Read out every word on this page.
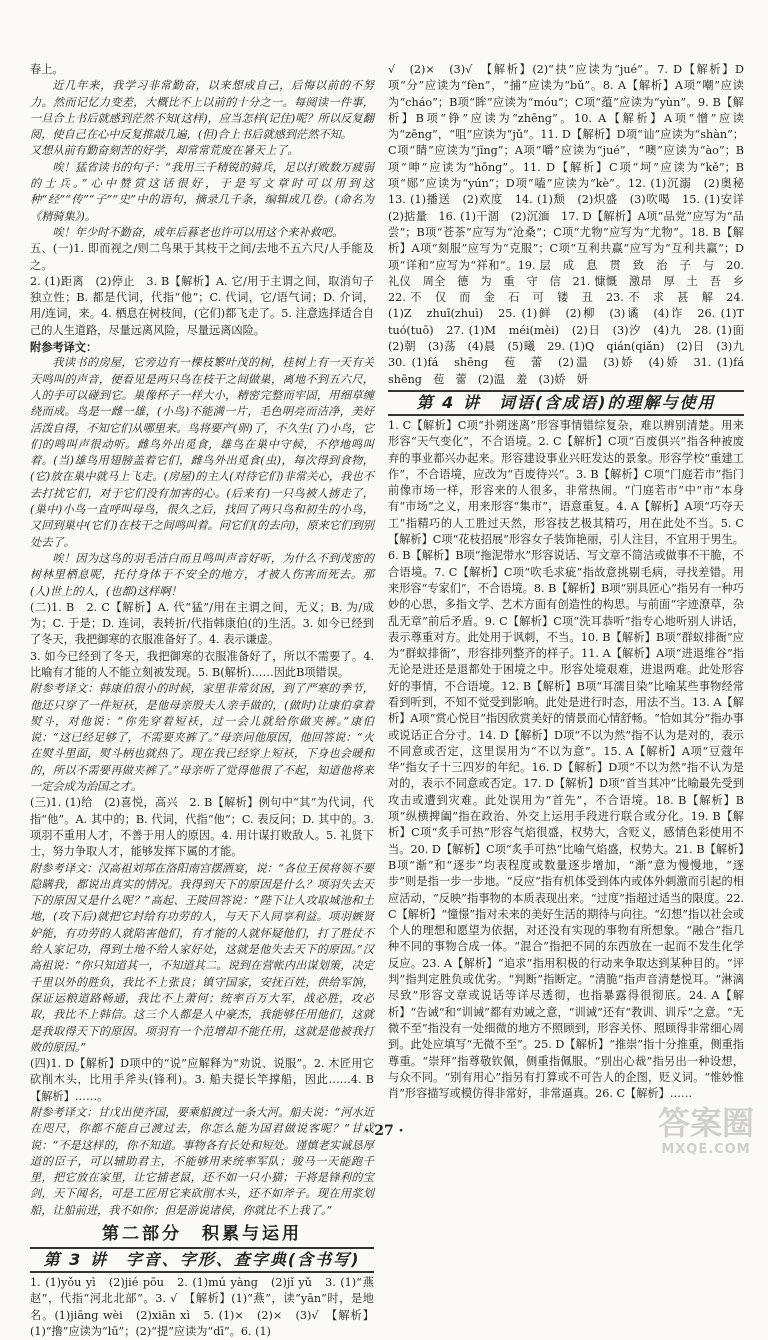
春上。

近几年来，我学习非常勤奋，以来想成自己，后悔以前的不努力。然而记忆力变差，大概比不上以前的十分之一。每阅读一件事，一旦合上书后就感到茫然不知(这样)，应当怎样(记住)呢？所以反复翻阅，使自己在心中反复推敲几遍，(但)合上书后就感到茫然不知。

又想从前有勤奋刻苦的好学，却常常荒废在暑天上了。

唉！猛省读书的句子：“我用三千精锐的骑兵，足以打败数万疲弱的士兵。”心中赞赏这话很好，于是写文章时可以用到这种“经”“传”“子”“史”中的语句，摘录几千条，编辑成几卷。(命名为《精骑集》)。

唉！年少时不勤奋，成年后暮老也许可以用这个来补救吧。

五、(一)1. 即而视之/则二鸟果于其枝干之间/去地不五六尺/人手能及之。

2. (1)距离　(2)停止　3. B【解析】A. 它/用于主谓之间，取消句子独立性；B. 都是代词，代指“他”；C. 代词，它/语气词；D. 介词，用/连词，来。4. 栖息在树枝间，(它们)都飞走了。5. 注意选择适合自己的人生道路，尽量远离风险，尽量远离凶险。

附参考译文：

我读书的房屋，它旁边有一棵枝繁叶茂的树，桂树上有一天有关天鸣叫的声音，便看见是两只鸟在枝干之间做巢，离地不到五六尺，人的手可以碰到它。巢像杯子一样大小，精密完整而牢固，用细草缠绕而成。鸟是一雌一雄，(小鸟)不能满一片，毛色明亮而洁净，美好活泼自得，不知它们从哪里来。鸟将要产(卵)了，不久生(了)小鸟，它们的鸣叫声很动听。雌鸟外出觅食，雄鸟在巢中守候，不停地鸣叫着。(当)雄鸟用翅膀盖着它们，雌鸟外出觅食(虫)，每次得到食物，(它)放在巢中就马上飞走。(房屋)的主人(对待它们)非常关心，我也不去打扰它们，对于它们没有加害的心。(后来有)一只鸟被人掳走了，(巢中)小鸟一直呼叫母鸟，很久之后，找回了两只鸟和初生的小鸟，又回到巢中(它们)在枝干之间鸣叫着。问它们(的去向)，原来它们到别处去了。

唉！因为这鸟的羽毛洁白而且鸣叫声音好听，为什么不到茂密的树林里栖息呢，托付身体于不安全的地方，才被人伤害而死去。那(人)世上的人，(也都)这样啊！

(二)1. B　2. C【解析】A. 代“猛”/用在主谓之间，无义；B. 为/成为；C. 于是；D. 连词，表转折/代指韩康伯(的)生活。3. 如今已经到了冬天，我把御寒的衣服准备好了。4. 表示谦虚。

3. 如今已经到了冬天，我把御寒的衣服准备好了，所以不需要了。4. 比喻有才能的人不能立刻被发现。5. B(解析)……因此B项错误。

附参考译文：韩康伯很小的时候，家里非常贫困，到了严寒的季节，他还只穿了一件短袄，是他母亲殷夫人亲手做的，(做时)让康伯拿着熨斗，对他说：“你先穿着短袄，过一会儿就给你做夹裤。”康伯说：“这已经足够了，不需要夹裤了。”母亲问他原因，他回答说：“火在熨斗里面，熨斗柄也就热了。现在我已经穿上短袄，下身也会暖和的，所以不需要再做夹裤了。”母亲听了觉得他很了不起，知道他将来一定会成为治国之才。

(三)1. (1)给　(2)喜悦，高兴　2. B【解析】例句中“其”为代词，代指“他”。A. 其中的；B. 代词，代指“他”；C. 表反问；D. 其中的。3. 项羽不重用人才，不善于用人的原因。4. 用计谋打败敌人。5. 礼贤下士，努力争取人才，能够发挥下属的才能。

附参考译文：汉高祖刘邦在洛阳南宫摆酒宴，说：“各位王侯将领不要隐瞒我，都说出真实的情况。我得到天下的原因是什么？项羽失去天下的原因又是什么呢？”高起、王陵回答说：“陛下让人攻取城池和土地，(攻下后)就把它封给有功劳的人，与天下人同享利益。项羽嫉贤妒能，有功劳的人就陷害他们，有才能的人就怀疑他们，打了胜仗不给人家记功，得到土地不给人家好处，这就是他失去天下的原因。”汉高祖说：“你只知道其一，不知道其二。说到在营帐内出谋划策，决定千里以外的胜负，我比不上张良；镇守国家，安抚百姓，供给军饷，保证运粮道路畅通，我比不上萧何；统率百万大军，战必胜，攻必取，我比不上韩信。这三个人都是人中豪杰，我能够任用他们，这就是我取得天下的原因。项羽有一个范增却不能任用，这就是他被我打败的原因。”

(四)1. D【解析】D项中的“说”应解释为“劝说、说服”。2. 木匠用它砍削木头，比用手斧头(锋利)。3. 船夫提长竿撑船，因此……4. B【解析】……。

附参考译文：甘戊出使齐国，要乘船渡过一条大河。船夫说：“河水近在咫尺，你都不能自己渡过去，你怎么能为国君做说客呢？”甘戊说：“不是这样的，你不知道。事物各有长处和短处。谨慎老实诚恳厚道的臣子，可以辅助君主，不能够用来统率军队；骏马一天能跑千里，把它放在家里，让它捕老鼠，还不如一只小猫；干将是锋利的宝剑，天下闻名，可是工匠用它来砍削木头，还不如斧子。现在用浆划船，让船前进，我不如你；但是游说诸侯，你就比不上我了。”

第二部分　积累与运用
第 3 讲　字音、字形、查字典(含书写)

1. (1)yǒu yì　(2)jié pōu　2. (1)mú yàng　(2)jǐ yǔ　3. (1)“燕赵”，代指“河北北部”。3. √　【解析】(1)“燕”，读“yān”时，是地名。(1)jiāng wèi　(2)xiān xì　5. (1)×　(2)×　(3)√　【解析】(1)“撸”应读为“lū”；(2)“提”应读为“dī”。6. (1)

√　(2)×　(3)√　【解析】(2)“抉”应读为“jué”。7. D【解析】D项“分”应读为“fèn”，“捕”应读为“bǔ”。8. A【解析】A项“嘲”应读为“cháo”；B项“眸”应读为“móu”；C项“蕴”应读为“yùn”。9. B【解析】B项“铮”应读为“zhēng”。10. A【解析】A项“憎”应读为“zēng”，“咀”应读为“jǔ”。11. D【解析】D项“讪”应读为“shàn”；C项“睛”应读为“jīng”；A项“嚼”应读为“jué”，“噢”应读为“ào”；B项“呻”应读为“hōng”。11. D【解析】C项“坷”应读为“kě”；B项“郧”应读为“yún”；D项“嗑”应读为“kè”。12. (1)沉溺　(2)奥秘　13. (1)播送　(2)欢度　14. (1)颓　(2)炽盛　(3)吹喝　15. (1)安详　(2)掂量　16. (1)干涸　(2)沉湎　17. D【解析】A项“品党”应写为“品尝”；B项“苍茶”应写为“沧桑”；C项“尤物”应写为“尤物”。18. B【解析】A项“刻服”应写为“克服”；C项“互利共赢”应写为“互利共赢”；D项“详和”应写为“祥和”。19. 层　成　息　贯　致　治　子　与　20. 礼仪　周全　德　为　重　守　信　21. 慷慨　激昂　厚　土　吾　乡　22. 不　仅　而　金　石　可　镂　丑　23. 不　求　甚　解　24. (1)Z　zhuī(zhuì)　25. (1)鲜　(2)柳　(3)谲　(4)诈　26. (1)T　tuó(tuō)　27. (1)M　méi(mèi)　(2)日　(3)汐　(4)九　28. (1)面　(2)朝　(3)荡　(4)晨　(5)曦　29. (1)Q　qián(qiǎn)　(2)日　(3)九　30. (1)fá　shēng　苞　蕾　(2)温　(3)娇　(4)娇　31. (1)fá　shēng　苞　蕾　(2)温　羞　(3)娇　妍

第 4 讲　词语(含成语)的理解与使用

1. C【解析】C项“扑朔迷离”形容事情错综复杂，难以辨别清楚。用来形容“天气变化”，不合语境。2. C【解析】C项“百废俱兴”指各种被废弃的事业都兴办起来。形容建设事业兴旺发达的景象。形容学校“重建工作”，不合语境，应改为“百废待兴”。3. B【解析】C项“门庭若市”指门前像市场一样，形容来的人很多，非常热闹。“门庭若市”中“市”本身有“市场”之义，用来形容“集市”，语意重复。4. A【解析】A项“巧夺天工”指精巧的人工胜过天然，形容技艺极其精巧，用在此处不当。5. C【解析】C项“花枝招展”形容女子装饰艳丽，引人注目，不宜用于男生。6. B【解析】B项“拖泥带水”形容说话、写文章不简洁或做事不干脆，不合语境。7. C【解析】C项“吹毛求疵”指故意挑剔毛病，寻找差错。用来形容“专家们”，不合语境。8. B【解析】B项“别具匠心”指另有一种巧妙的心思，多指文学、艺术方面有创造性的构思。与前面“字迹潦草，杂乱无章”前后矛盾。9. C【解析】C项“洗耳恭听”指专心地听别人讲话，表示尊重对方。此处用于讽刺，不当。10. B【解析】B项“群蚁排衙”应为“群蚁排衙”，形容排列整齐的样子。11. A【解析】A项“进退维谷”指无论是进还是退都处于困境之中。形容处境艰难，进退两难。此处形容好的事情，不合语境。12. B【解析】B项“耳濡目染”比喻某些事物经常看到听到，不知不觉受到影响。此处是进行时态，用法不当。13. A【解析】A项“赏心悦目”指因欣赏美好的情景而心情舒畅。“恰如其分”指办事或说话正合分寸。14. D【解析】D项“不以为然”指不认为是对的，表示不同意或否定，这里误用为“不以为意”。15. A【解析】A项“豆蔻年华”指女子十三四岁的年纪。16. D【解析】D项“不以为然”指不认为是对的，表示不同意或否定。17. D【解析】D项“首当其冲”比喻最先受到攻击或遭到灾难。此处误用为“首先”，不合语境。18. B【解析】B项“纵横捭阖”指在政治、外交上运用手段进行联合或分化。19. B【解析】C项“炙手可热”形容气焰很盛，权势大，含贬义，感情色彩使用不当。20. D【解析】C项“炙手可热”比喻气焰盛，权势大。21. B【解析】B项“渐”和“逐步”均表程度或数量逐步增加，“渐”意为慢慢地，“逐步”则是指一步一步地。“反应”指有机体受到体内或体外刺激而引起的相应活动，“反映”指事物的本质表现出来。“过度”指超过适当的限度。22. C【解析】“憧憬”指对未来的美好生活的期待与向往。“幻想”指以社会或个人的理想和愿望为依据，对还没有实现的事物有所想象。“融合”指几种不同的事物合成一体。“混合”指把不同的东西放在一起而不发生化学反应。23. A【解析】“追求”指用积极的行动来争取达到某种目的。“评判”指判定胜负或优劣。“判断”指断定。“清脆”指声音清楚悦耳。“淋漓尽致”形容文章或说话等详尽透彻，也指暴露得很彻底。24. A【解析】“告诫”和“训诫”都有劝诫之意，“训诫”还有“教训、训斥”之意。“无微不至”指没有一处细微的地方不照顾到，形容关怀、照顾得非常细心周到。此处应填写“无微不至”。25. D【解析】“推崇”指十分推重，侧重指尊重。“崇拜”指尊敬钦佩，侧重指佩服。“别出心裁”指另出一种设想，与众不同。“别有用心”指另有打算或不可告人的企图，贬义词。“惟妙惟肖”形容描写或模仿得非常好，非常逼真。26. C【解析】……

· 27 ·	答案圈
MXQE.COM
